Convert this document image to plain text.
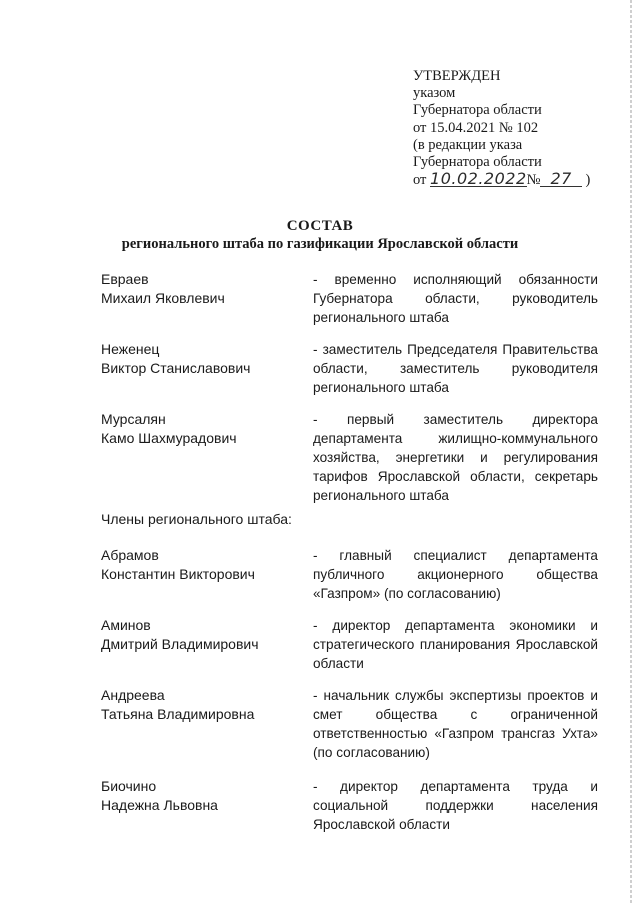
УТВЕРЖДЕН
указом
Губернатора области
от 15.04.2021 № 102
(в редакции указа
Губернатора области
от 10.02.2022№ 27 )
СОСТАВ
регионального штаба по газификации Ярославской области
Евраев
Михаил Яковлевич
- временно исполняющий обязанности Губернатора области, руководитель регионального штаба
Неженец
Виктор Станиславович
- заместитель Председателя Правительства области, заместитель руководителя регионального штаба
Мурсалян
Камо Шахмурадович
- первый заместитель директора департамента жилищно-коммунального хозяйства, энергетики и регулирования тарифов Ярославской области, секретарь регионального штаба
Члены регионального штаба:
Абрамов
Константин Викторович
- главный специалист департамента публичного акционерного общества «Газпром» (по согласованию)
Аминов
Дмитрий Владимирович
- директор департамента экономики и стратегического планирования Ярославской области
Андреева
Татьяна Владимировна
- начальник службы экспертизы проектов и смет общества с ограниченной ответственностью «Газпром трансгаз Ухта» (по согласованию)
Биочино
Надежна Львовна
- директор департамента труда и социальной поддержки населения Ярославской области
